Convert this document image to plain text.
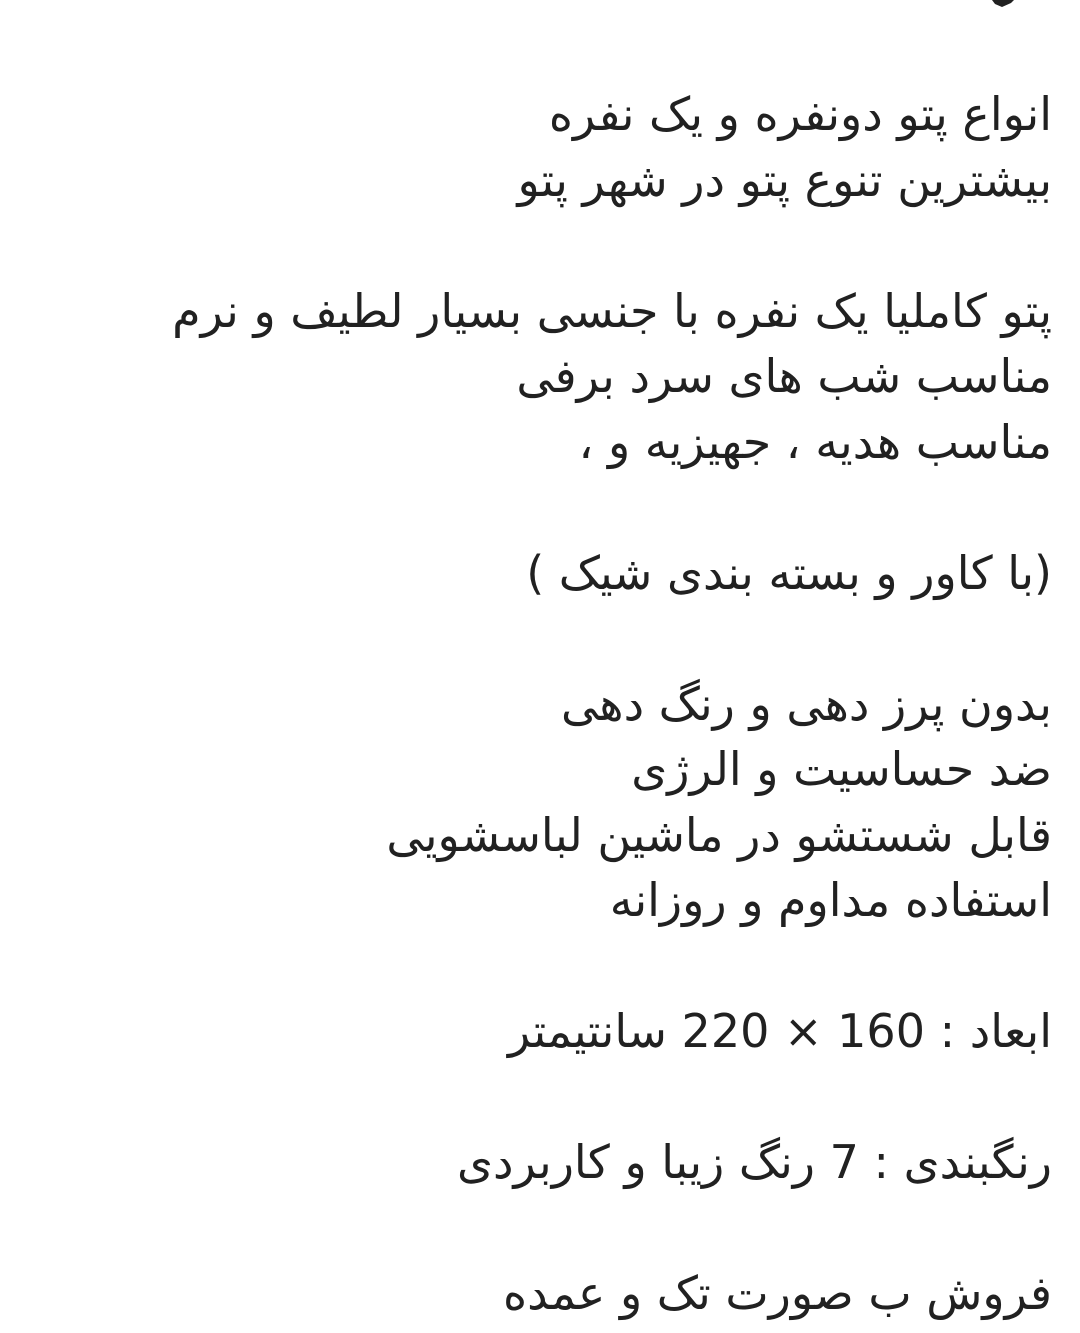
انواع پتو دونفره و یک نفره
بیشترین تنوع پتو در شهر پتو
پتو کاملیا یک نفره با جنسی بسیار لطیف و نرم
مناسب شب های سرد برفی
مناسب هدیه ، جهیزیه و ،
(با کاور و بسته بندی شیک )
بدون پرز دهی و رنگ دهی
ضد حساسیت و الرژی
قابل شستشو در ماشین لباسشویی
استفاده مداوم و روزانه
ابعاد : 160 × 220 سانتیمتر
رنگبندی : 7 رنگ زیبا و کاربردی
فروش ب صورت تک و عمده
